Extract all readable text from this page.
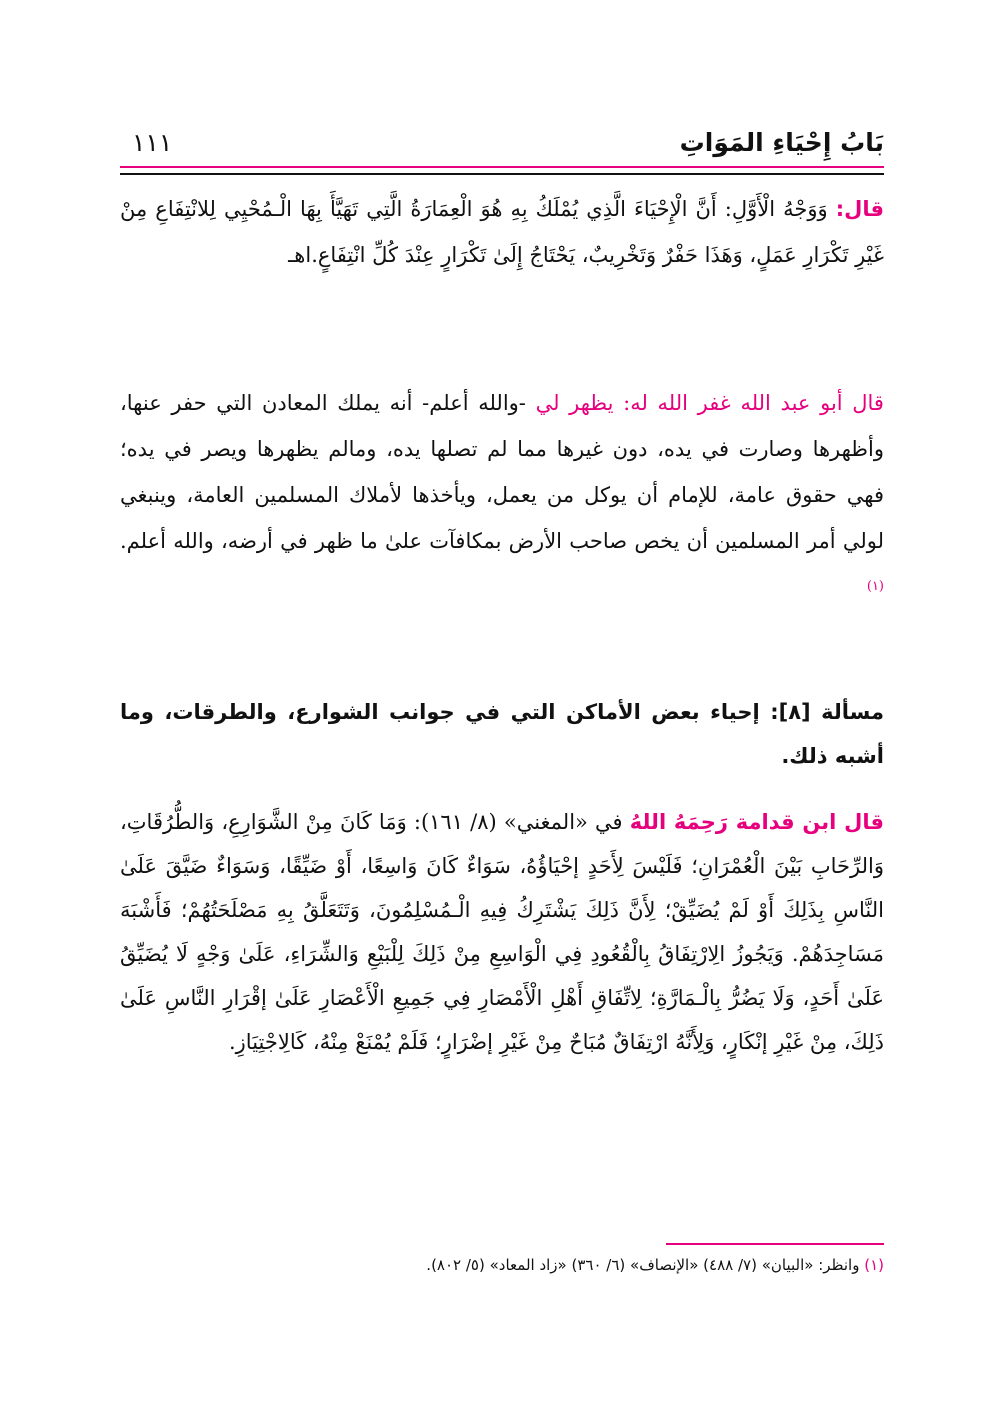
بَابُ إِحْيَاءِ المَوَاتِ
١١١
قال: وَوَجْهُ الْأَوَّلِ: أَنَّ الْإِحْيَاءَ الَّذِي يُمْلَكُ بِهِ هُوَ الْعِمَارَةُ الَّتِي تَهَيَّأَ بِهَا الْـمُحْيِي لِلانْتِفَاعِ مِنْ غَيْرِ تَكْرَارِ عَمَلٍ، وَهَذَا حَفْرٌ وَتَخْرِيبٌ، يَحْتَاجُ إِلَىٰ تَكْرَارٍ عِنْدَ كُلِّ انْتِفَاعٍ.اهـ
قال أبو عبد الله غفر الله له: يظهر لي -والله أعلم- أنه يملك المعادن التي حفر عنها، وأظهرها وصارت في يده، دون غيرها مما لم تصلها يده، ومالم يظهرها ويصر في يده؛ فهي حقوق عامة، للإمام أن يوكل من يعمل، ويأخذها لأملاك المسلمين العامة، وينبغي لولي أمر المسلمين أن يخص صاحب الأرض بمكافآت علىٰ ما ظهر في أرضه، والله أعلم.$^{(١)}$
مسألة [٨]: إحياء بعض الأماكن التي في جوانب الشوارع، والطرقات، وما أشبه ذلك.
قال ابن قدامة رَحِمَهُ اللهُ في «المغني» (٨/ ١٦١): وَمَا كَانَ مِنْ الشَّوَارِعِ، وَالطُّرُقَاتِ، وَالرِّحَابِ بَيْنَ الْعُمْرَانِ؛ فَلَيْسَ لِأَحَدٍ إحْيَاؤُهُ، سَوَاءٌ كَانَ وَاسِعًا، أَوْ ضَيِّقًا، وَسَوَاءٌ ضَيَّقَ عَلَىٰ النَّاسِ بِذَلِكَ أَوْ لَمْ يُضَيِّقْ؛ لِأَنَّ ذَلِكَ يَشْتَرِكُ فِيهِ الْـمُسْلِمُونَ، وَتَتَعَلَّقُ بِهِ مَصْلَحَتُهُمْ؛ فَأَشْبَهَ مَسَاجِدَهُمْ. وَيَجُوزُ الِارْتِفَاقُ بِالْقُعُودِ فِي الْوَاسِعِ مِنْ ذَلِكَ لِلْبَيْعِ وَالشِّرَاءِ، عَلَىٰ وَجْهٍ لَا يُضَيِّقُ عَلَىٰ أَحَدٍ، وَلَا يَضُرُّ بِالْـمَارَّةِ؛ لِاتِّفَاقِ أَهْلِ الْأَمْصَارِ فِي جَمِيعِ الْأَعْصَارِ عَلَىٰ إقْرَارِ النَّاسِ عَلَىٰ ذَلِكَ، مِنْ غَيْرِ إنْكَارٍ، وَلِأَنَّهُ ارْتِفَاقٌ مُبَاحٌ مِنْ غَيْرِ إضْرَارٍ؛ فَلَمْ يُمْنَعْ مِنْهُ، كَالِاجْتِيَازِ.
(١) وانظر: «البيان» (٧/ ٤٨٨) «الإنصاف» (٦/ ٣٦٠) «زاد المعاد» (٥/ ٨٠٢).
